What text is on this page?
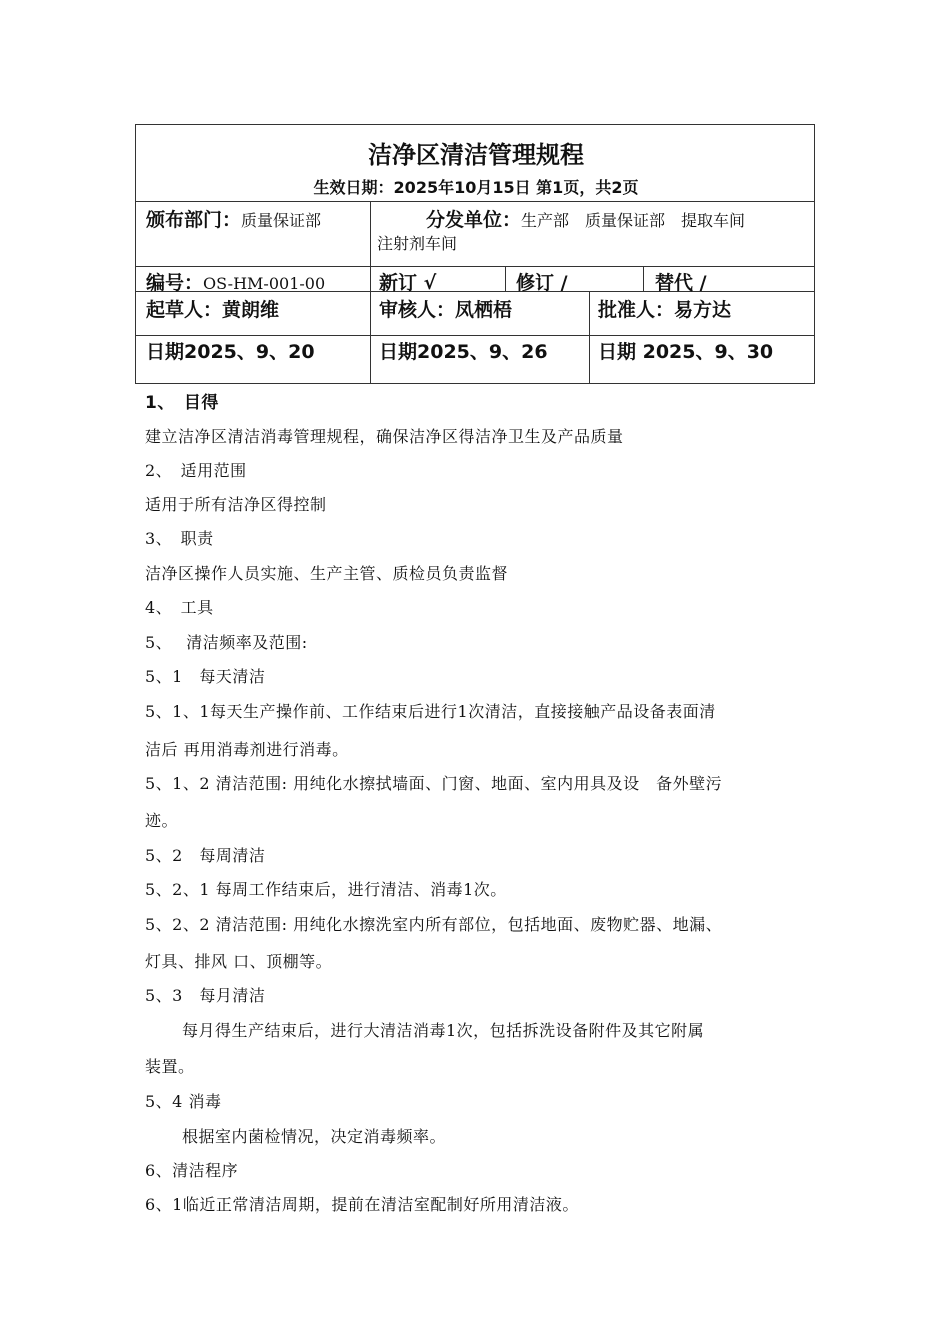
洁净区清洁管理规程
生效日期：2025年10月15日 第1页，共2页
颁布部门：质量保证部	分发单位：生产部　质量保证部　提取车间
注射剂车间
编号：OS-HM-001-00	新订 √	修订 /	替代 /
起草人：黄朗维	审核人：凤栖梧	批准人：易方达
日期2025、9、20	日期2025、9、26	日期 2025、9、30
1、　目得
建立洁净区清洁消毒管理规程，确保洁净区得洁净卫生及产品质量
2、　适用范围
适用于所有洁净区得控制
3、　职责
洁净区操作人员实施、生产主管、质检员负责监督
4、　工具
5、　 清洁频率及范围:
5、1　每天清洁
5、1、1每天生产操作前、工作结束后进行1次清洁，直接接触产品设备表面清
洁后 再用消毒剂进行消毒。
5、1、2 清洁范围: 用纯化水擦拭墙面、门窗、地面、室内用具及设　备外壁污
迹。
5、2　每周清洁
5、2、1 每周工作结束后，进行清洁、消毒1次。
5、2、2 清洁范围: 用纯化水擦洗室内所有部位，包括地面、废物贮器、地漏、
灯具、排风 口、顶棚等。
5、3　每月清洁
每月得生产结束后，进行大清洁消毒1次，包括拆洗设备附件及其它附属
装置。
5、4 消毒
根据室内菌检情况，决定消毒频率。
6、清洁程序
6、1临近正常清洁周期，提前在清洁室配制好所用清洁液。
